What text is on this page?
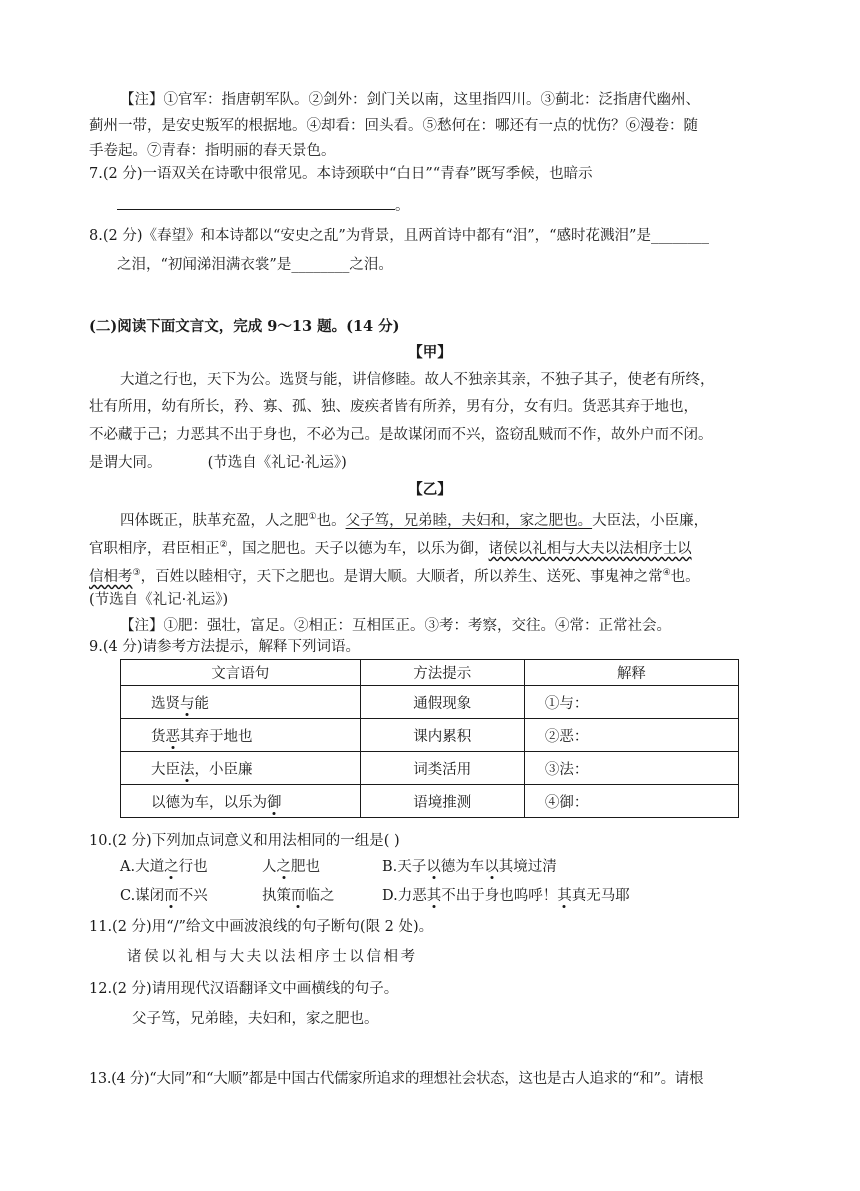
【注】①官军：指唐朝军队。②剑外：剑门关以南，这里指四川。③蓟北：泛指唐代幽州、
蓟州一带，是安史叛军的根据地。④却看：回头看。⑤愁何在：哪还有一点的忧伤？⑥漫卷：随
手卷起。⑦青春：指明丽的春天景色。
7.(2 分)一语双关在诗歌中很常见。本诗颈联中“白日”“青春”既写季候，也暗示
。
8.(2 分)《春望》和本诗都以“安史之乱”为背景，且两首诗中都有“泪”，“感时花溅泪”是________
之泪，“初闻涕泪满衣裳”是________之泪。
(二)阅读下面文言文，完成 9～13 题。(14 分)
【甲】
大道之行也，天下为公。选贤与能，讲信修睦。故人不独亲其亲，不独子其子，使老有所终，
壮有所用，幼有所长，矜、寡、孤、独、废疾者皆有所养，男有分，女有归。货恶其弃于地也，
不必藏于己；力恶其不出于身也，不必为己。是故谋闭而不兴，盗窃乱贼而不作，故外户而不闭。
是谓大同。          (节选自《礼记·礼运》)
【乙】
四体既正，肤革充盈，人之肥①也。父子笃，兄弟睦，夫妇和，家之肥也。大臣法，小臣廉，
官职相序，君臣相正②，国之肥也。天子以德为车，以乐为御，诸侯以礼相与大夫以法相序士以
信相考③，百姓以睦相守，天下之肥也。是谓大顺。大顺者，所以养生、送死、事鬼神之常④也。
(节选自《礼记·礼运》)
【注】①肥：强壮，富足。②相正：互相匡正。③考：考察，交往。④常：正常社会。
9.(4 分)请参考方法提示，解释下列词语。
文言语句	方法提示	解释
选贤与能	通假现象	①与：
货恶其弃于地也	课内累积	②恶：
大臣法，小臣廉	词类活用	③法：
以德为车，以乐为御	语境推测	④御：
10.(2 分)下列加点词意义和用法相同的一组是( )
A.大道之行也	人之肥也	B.天子以德为车以其境过清
C.谋闭而不兴	执策而临之	D.力恶其不出于身也呜呼！其真无马耶
11.(2 分)用“/”给文中画波浪线的句子断句(限 2 处)。
诸侯以礼相与大夫以法相序士以信相考
12.(2 分)请用现代汉语翻译文中画横线的句子。
父子笃，兄弟睦，夫妇和，家之肥也。
13.(4 分)“大同”和“大顺”都是中国古代儒家所追求的理想社会状态，这也是古人追求的“和”。请根
